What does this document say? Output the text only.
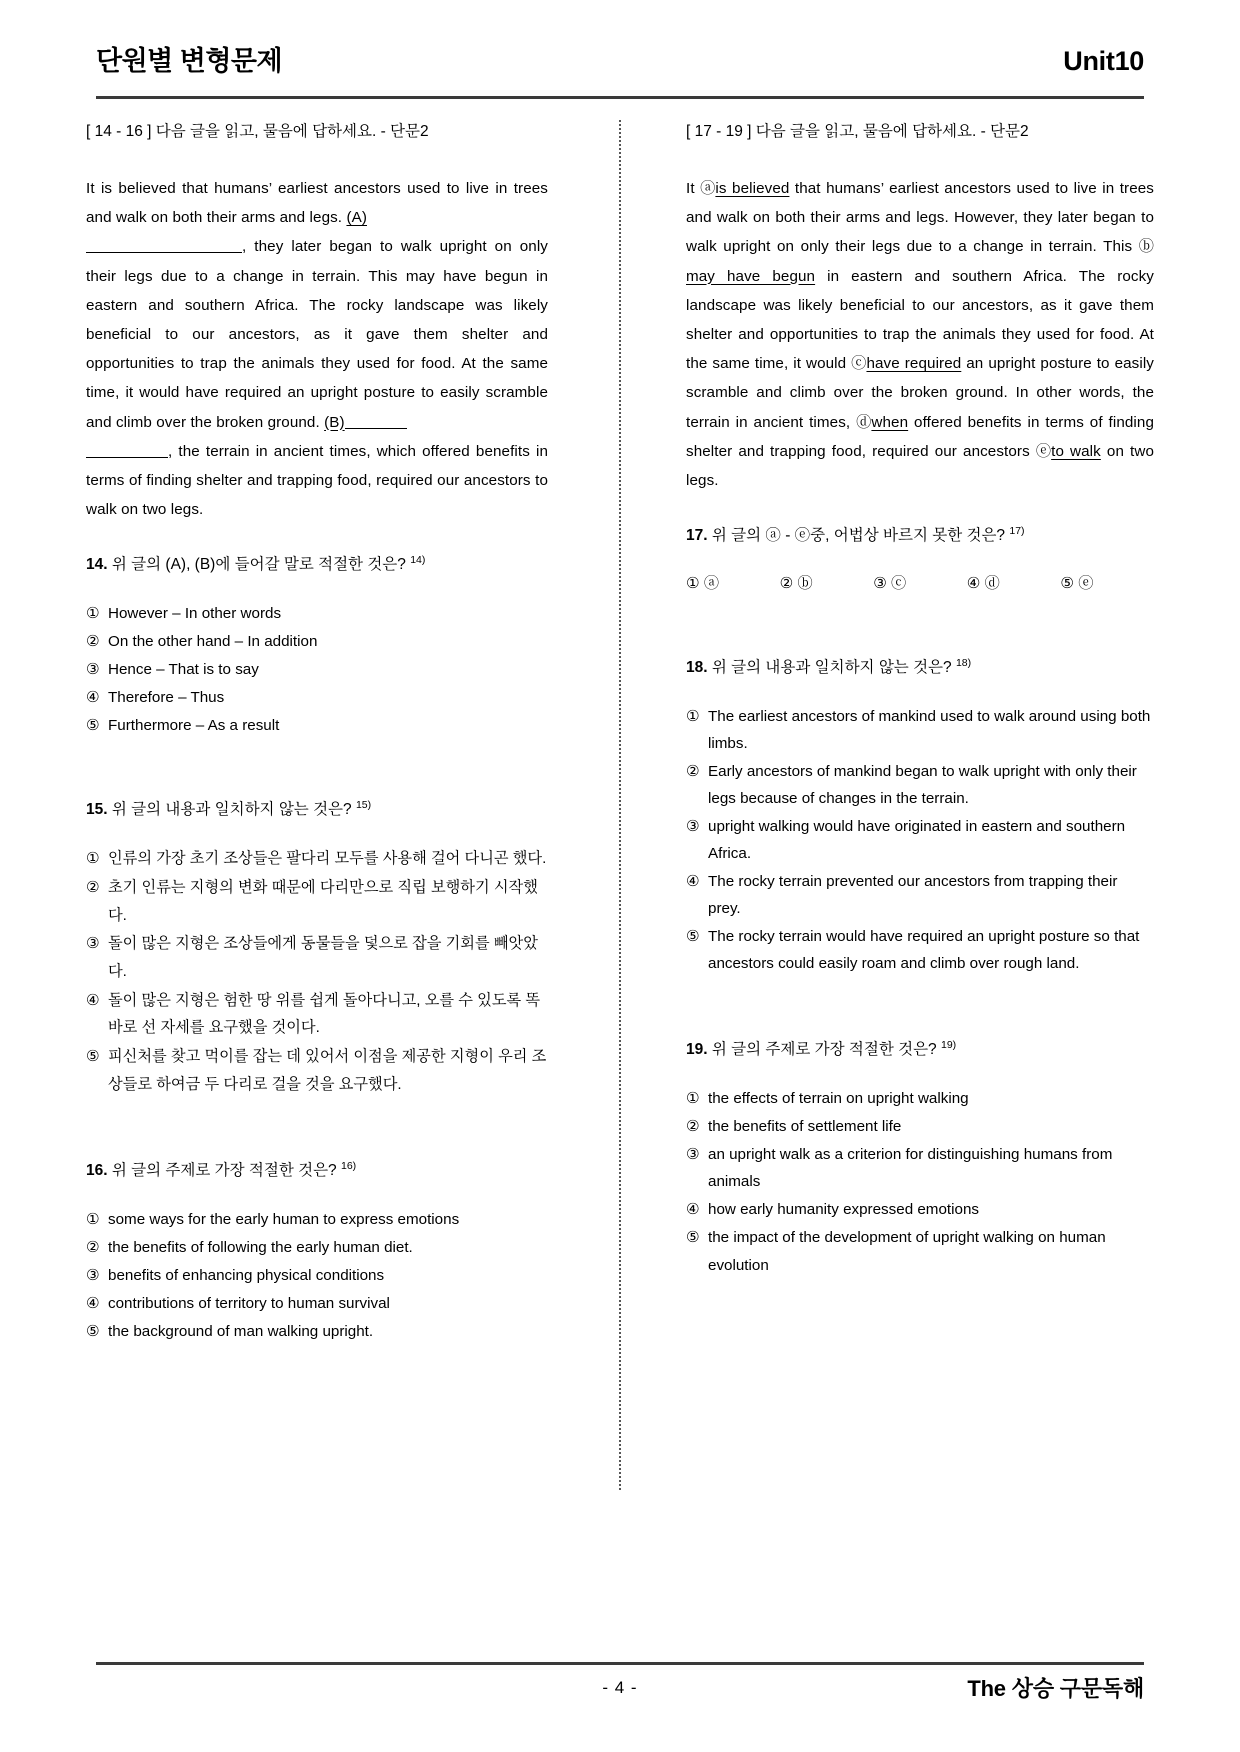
단원별 변형문제	Unit10
[ 14 - 16 ] 다음 글을 읽고, 물음에 답하세요. - 단문2
It is believed that humans’ earliest ancestors used to live in trees and walk on both their arms and legs. (A)
, they later began to walk upright on only their legs due to a change in terrain. This may have begun in eastern and southern Africa. The rocky landscape was likely beneficial to our ancestors, as it gave them shelter and opportunities to trap the animals they used for food. At the same time, it would have required an upright posture to easily scramble and climb over the broken ground. (B)
, the terrain in ancient times, which offered benefits in terms of finding shelter and trapping food, required our ancestors to walk on two legs.
14. 위 글의 (A), (B)에 들어갈 말로 적절한 것은? $^{14)}$
① However – In other words
② On the other hand – In addition
③ Hence – That is to say
④ Therefore – Thus
⑤ Furthermore – As a result
15. 위 글의 내용과 일치하지 않는 것은? $^{15)}$
① 인류의 가장 초기 조상들은 팔다리 모두를 사용해 걸어 다니곤 했다.
② 초기 인류는 지형의 변화 때문에 다리만으로 직립 보행하기 시작했다.
③ 돌이 많은 지형은 조상들에게 동물들을 덫으로 잡을 기회를 빼앗았다.
④ 돌이 많은 지형은 험한 땅 위를 쉽게 돌아다니고, 오를 수 있도록 똑바로 선 자세를 요구했을 것이다.
⑤ 피신처를 찾고 먹이를 잡는 데 있어서 이점을 제공한 지형이 우리 조상들로 하여금 두 다리로 걸을 것을 요구했다.
16. 위 글의 주제로 가장 적절한 것은? $^{16)}$
① some ways for the early human to express emotions
② the benefits of following the early human diet.
③ benefits of enhancing physical conditions
④ contributions of territory to human survival
⑤ the background of man walking upright.
[ 17 - 19 ] 다음 글을 읽고, 물음에 답하세요. - 단문2
It ⓐis believed that humans’ earliest ancestors used to live in trees and walk on both their arms and legs. However, they later began to walk upright on only their legs due to a change in terrain. This ⓑmay have begun in eastern and southern Africa. The rocky landscape was likely beneficial to our ancestors, as it gave them shelter and opportunities to trap the animals they used for food. At the same time, it would ⓒhave required an upright posture to easily scramble and climb over the broken ground. In other words, the terrain in ancient times, ⓓwhen offered benefits in terms of finding shelter and trapping food, required our ancestors ⓔto walk on two legs.
17. 위 글의 ⓐ - ⓔ중, 어법상 바르지 못한 것은? $^{17)}$
① ⓐ	② ⓑ	③ ⓒ	④ ⓓ	⑤ ⓔ
18. 위 글의 내용과 일치하지 않는 것은? $^{18)}$
① The earliest ancestors of mankind used to walk around using both limbs.
② Early ancestors of mankind began to walk upright with only their legs because of changes in the terrain.
③ upright walking would have originated in eastern and southern Africa.
④ The rocky terrain prevented our ancestors from trapping their prey.
⑤ The rocky terrain would have required an upright posture so that ancestors could easily roam and climb over rough land.
19. 위 글의 주제로 가장 적절한 것은? $^{19)}$
① the effects of terrain on upright walking
② the benefits of settlement life
③ an upright walk as a criterion for distinguishing humans from animals
④ how early humanity expressed emotions
⑤ the impact of the development of upright walking on human evolution
- 4 -	The 상승 구문독해
